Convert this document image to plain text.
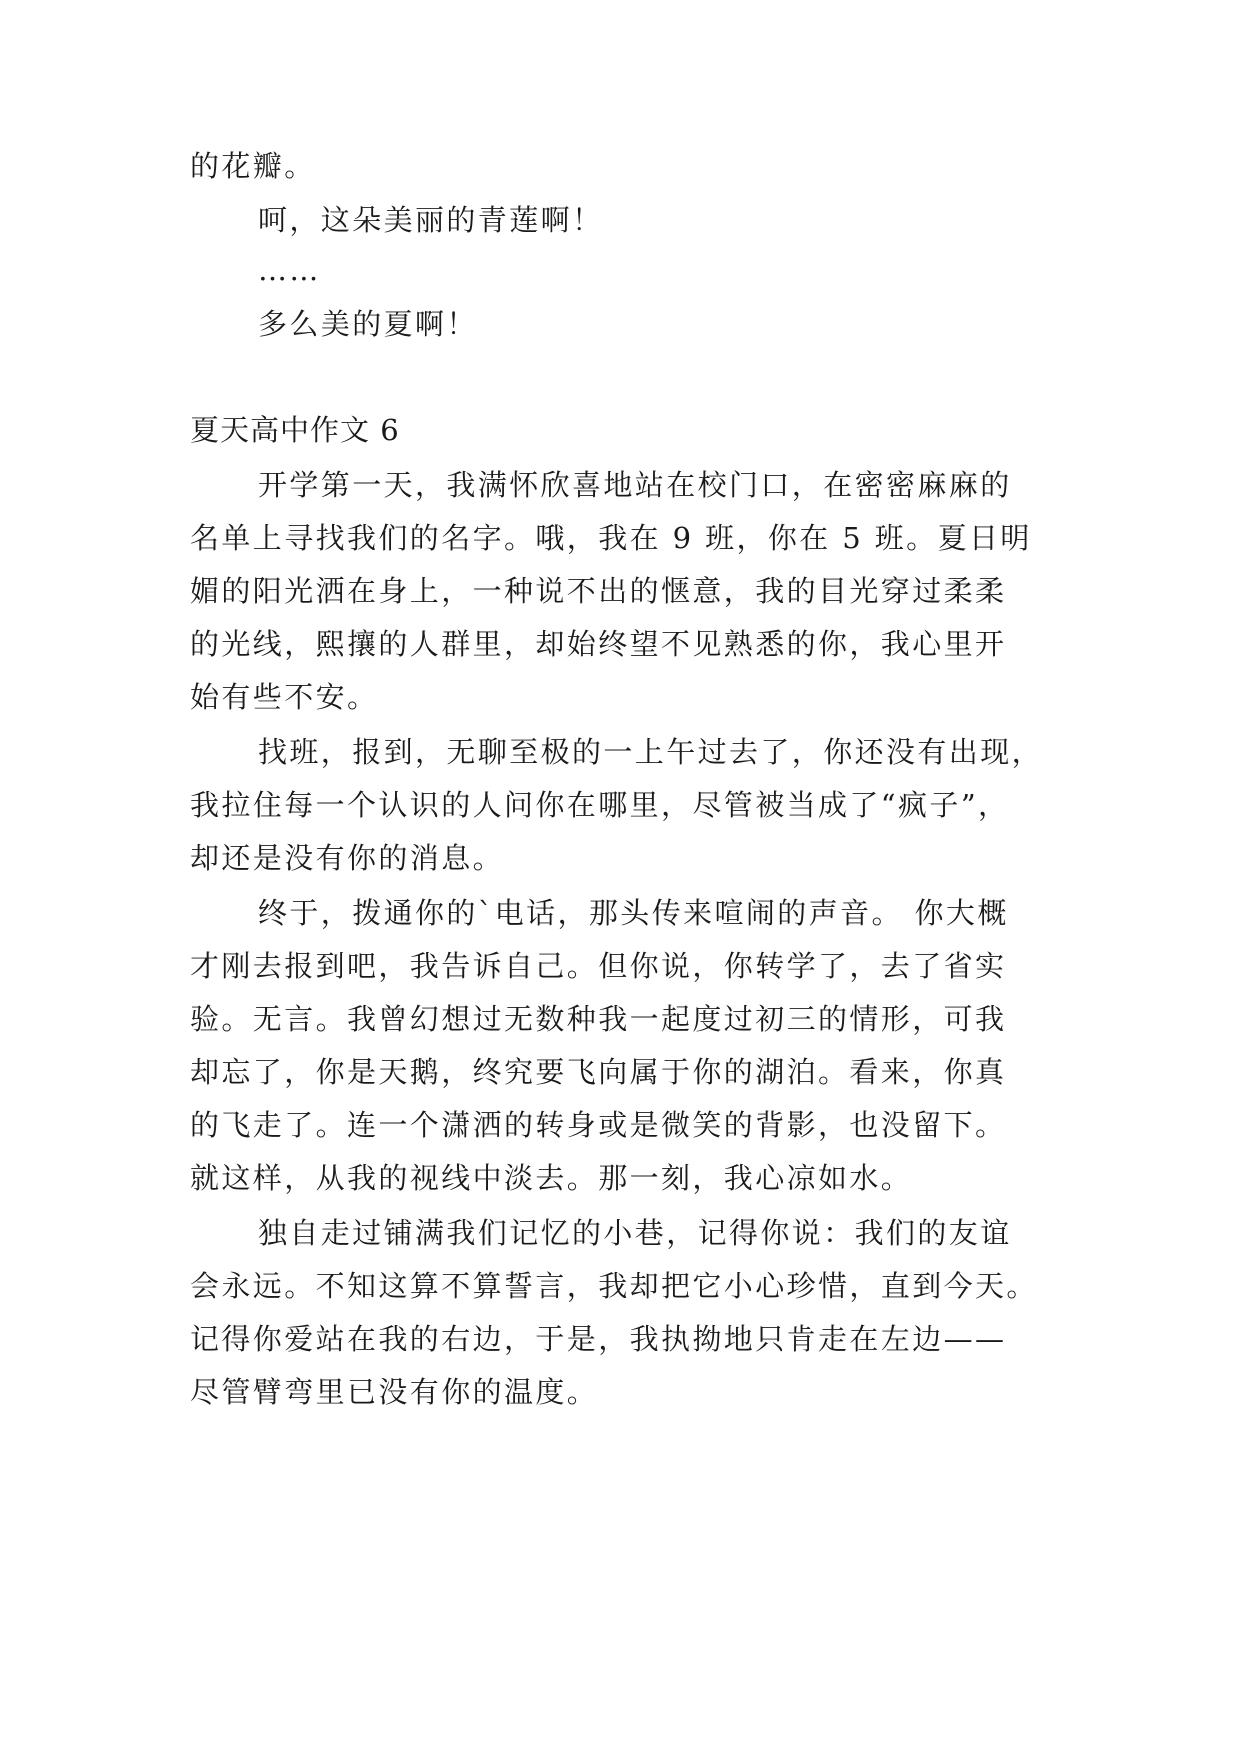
的花瓣。
呵，这朵美丽的青莲啊！
……
多么美的夏啊！
夏天高中作文 6
开学第一天，我满怀欣喜地站在校门口，在密密麻麻的
名单上寻找我们的名字。哦，我在 9 班，你在 5 班。夏日明
媚的阳光洒在身上，一种说不出的惬意，我的目光穿过柔柔
的光线，熙攘的人群里，却始终望不见熟悉的你，我心里开
始有些不安。
找班，报到，无聊至极的一上午过去了，你还没有出现，
我拉住每一个认识的人问你在哪里，尽管被当成了“疯子”，
却还是没有你的消息。
终于，拨通你的`电话，那头传来喧闹的声音。 你大概
才刚去报到吧，我告诉自己。但你说，你转学了，去了省实
验。无言。我曾幻想过无数种我一起度过初三的情形，可我
却忘了，你是天鹅，终究要飞向属于你的湖泊。看来，你真
的飞走了。连一个潇洒的转身或是微笑的背影，也没留下。
就这样，从我的视线中淡去。那一刻，我心凉如水。
独自走过铺满我们记忆的小巷，记得你说：我们的友谊
会永远。不知这算不算誓言，我却把它小心珍惜，直到今天。
记得你爱站在我的右边，于是，我执拗地只肯走在左边——
尽管臂弯里已没有你的温度。
